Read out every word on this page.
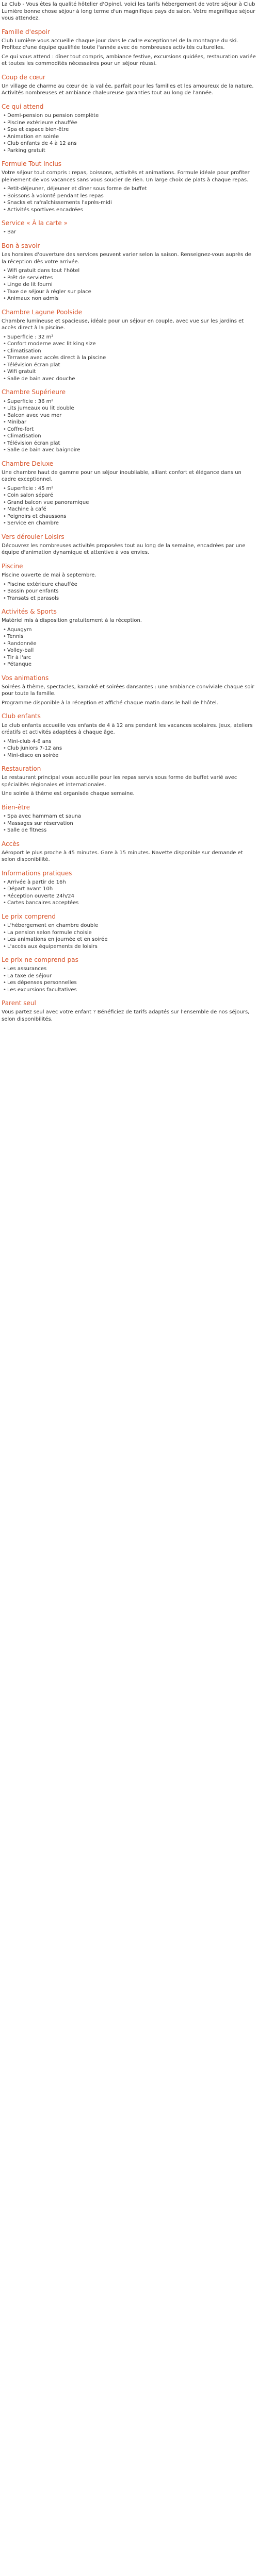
La Club - Vous êtes la qualité hôtelier d'Opinel, voici les tarifs hébergement de votre séjour à Club Lumière bonne chose séjour à long terme d'un magnifique pays de salon. Votre magnifique séjour vous attendez.

Famille d'espoir

Club Lumière vous accueille chaque jour dans le cadre exceptionnel de la montagne du ski. Profitez d'une équipe qualifiée toute l'année avec de nombreuses activités culturelles.

Ce qui vous attend : dîner tout compris, ambiance festive, excursions guidées, restauration variée et toutes les commodités nécessaires pour un séjour réussi.

Coup de cœur

Un village de charme au cœur de la vallée, parfait pour les familles et les amoureux de la nature. Activités nombreuses et ambiance chaleureuse garanties tout au long de l'année.

Ce qui attend
• Demi-pension ou pension complète
• Piscine extérieure chauffée
• Spa et espace bien-être
• Animation en soirée
• Club enfants de 4 à 12 ans
• Parking gratuit
Formule Tout Inclus

Votre séjour tout compris : repas, boissons, activités et animations. Formule idéale pour profiter pleinement de vos vacances sans vous soucier de rien. Un large choix de plats à chaque repas.

• Petit-déjeuner, déjeuner et dîner sous forme de buffet
• Boissons à volonté pendant les repas
• Snacks et rafraîchissements l'après-midi
• Activités sportives encadrées
Service « À la carte »
• Bar
Bon à savoir

Les horaires d'ouverture des services peuvent varier selon la saison. Renseignez-vous auprès de la réception dès votre arrivée.

• Wifi gratuit dans tout l'hôtel
• Prêt de serviettes
• Linge de lit fourni
• Taxe de séjour à régler sur place
• Animaux non admis
Chambre Lagune Poolside

Chambre lumineuse et spacieuse, idéale pour un séjour en couple, avec vue sur les jardins et accès direct à la piscine.

• Superficie : 32 m²
• Confort moderne avec lit king size
• Climatisation
• Terrasse avec accès direct à la piscine
• Télévision écran plat
• Wifi gratuit
• Salle de bain avec douche
Chambre Supérieure
• Superficie : 36 m²
• Lits jumeaux ou lit double
• Balcon avec vue mer
• Minibar
• Coffre-fort
• Climatisation
• Télévision écran plat
• Salle de bain avec baignoire
Chambre Deluxe

Une chambre haut de gamme pour un séjour inoubliable, alliant confort et élégance dans un cadre exceptionnel.

• Superficie : 45 m²
• Coin salon séparé
• Grand balcon vue panoramique
• Machine à café
• Peignoirs et chaussons
• Service en chambre
Vers dérouler Loisirs

Découvrez les nombreuses activités proposées tout au long de la semaine, encadrées par une équipe d'animation dynamique et attentive à vos envies.

Piscine

Piscine ouverte de mai à septembre.

• Piscine extérieure chauffée
• Bassin pour enfants
• Transats et parasols
Activités & Sports

Matériel mis à disposition gratuitement à la réception.

• Aquagym
• Tennis
• Randonnée
• Volley-ball
• Tir à l'arc
• Pétanque
Vos animations

Soirées à thème, spectacles, karaoké et soirées dansantes : une ambiance conviviale chaque soir pour toute la famille.

Programme disponible à la réception et affiché chaque matin dans le hall de l'hôtel.

Club enfants

Le club enfants accueille vos enfants de 4 à 12 ans pendant les vacances scolaires. Jeux, ateliers créatifs et activités adaptées à chaque âge.

• Mini-club 4-6 ans
• Club juniors 7-12 ans
• Mini-disco en soirée
Restauration

Le restaurant principal vous accueille pour les repas servis sous forme de buffet varié avec spécialités régionales et internationales.

Une soirée à thème est organisée chaque semaine.

Bien-être
• Spa avec hammam et sauna
• Massages sur réservation
• Salle de fitness
Accès

Aéroport le plus proche à 45 minutes. Gare à 15 minutes. Navette disponible sur demande et selon disponibilité.

Informations pratiques
• Arrivée à partir de 16h
• Départ avant 10h
• Réception ouverte 24h/24
• Cartes bancaires acceptées
Le prix comprend
• L'hébergement en chambre double
• La pension selon formule choisie
• Les animations en journée et en soirée
• L'accès aux équipements de loisirs
Le prix ne comprend pas
• Les assurances
• La taxe de séjour
• Les dépenses personnelles
• Les excursions facultatives
Parent seul

Vous partez seul avec votre enfant ? Bénéficiez de tarifs adaptés sur l'ensemble de nos séjours, selon disponibilités.
